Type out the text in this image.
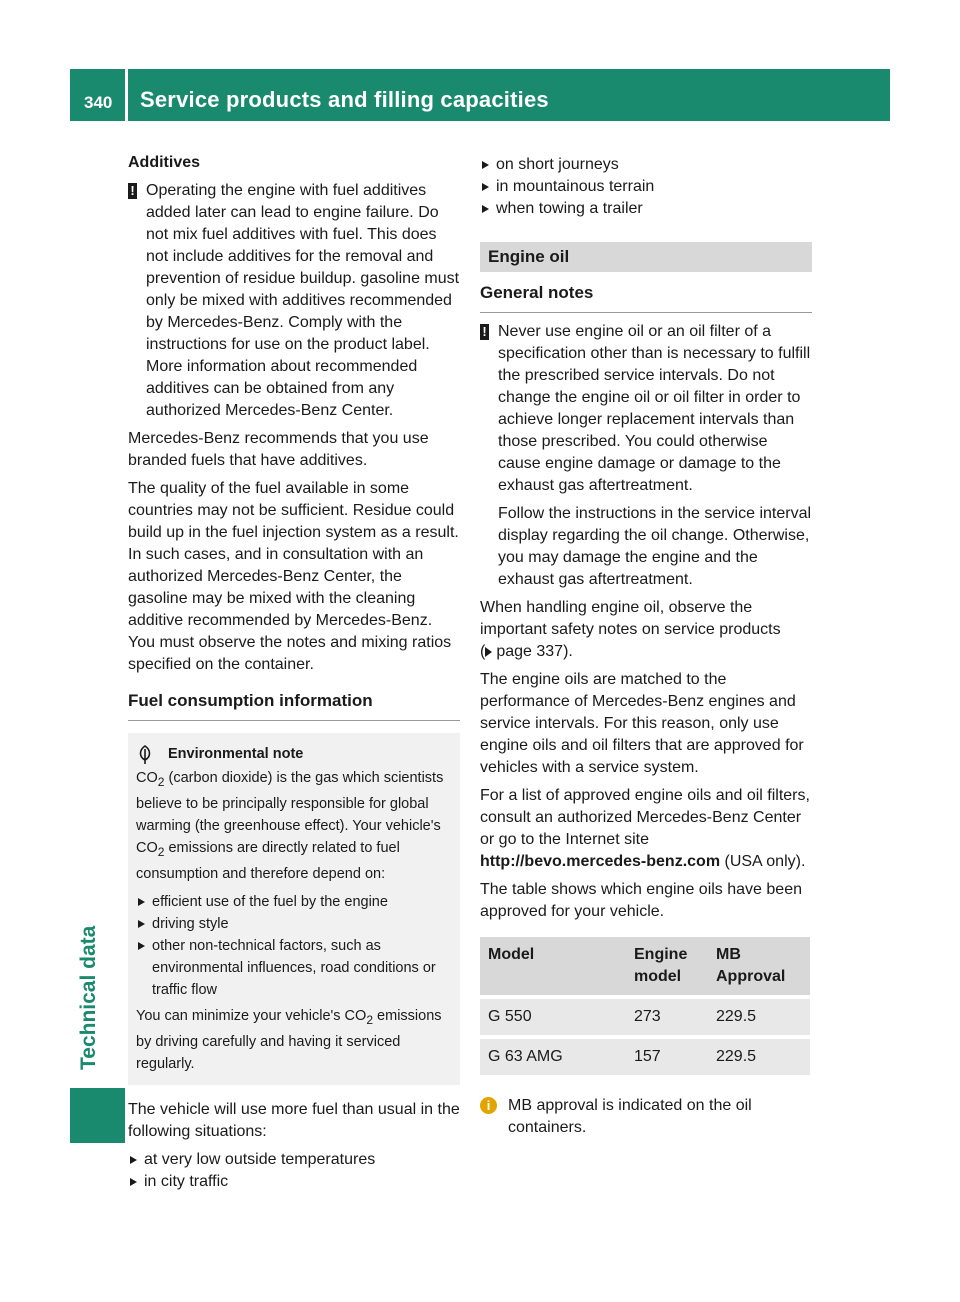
340 Service products and filling capacities
Technical data
Additives
! Operating the engine with fuel additives added later can lead to engine failure. Do not mix fuel additives with fuel. This does not include additives for the removal and prevention of residue buildup. gasoline must only be mixed with additives recommended by Mercedes-Benz. Comply with the instructions for use on the product label. More information about recommended additives can be obtained from any authorized Mercedes-Benz Center.

Mercedes-Benz recommends that you use branded fuels that have additives.

The quality of the fuel available in some countries may not be sufficient. Residue could build up in the fuel injection system as a result. In such cases, and in consultation with an authorized Mercedes-Benz Center, the gasoline may be mixed with the cleaning additive recommended by Mercedes-Benz. You must observe the notes and mixing ratios specified on the container.

Fuel consumption information
Environmental note

$CO_2$ (carbon dioxide) is the gas which scientists believe to be principally responsible for global warming (the greenhouse effect). Your vehicle's $CO_2$ emissions are directly related to fuel consumption and therefore depend on:

efficient use of the fuel by the engine
driving style
other non-technical factors, such as environmental influences, road conditions or traffic flow

You can minimize your vehicle's $CO_2$ emissions by driving carefully and having it serviced regularly.

The vehicle will use more fuel than usual in the following situations:

at very low outside temperatures
in city traffic
on short journeys
in mountainous terrain
when towing a trailer
Engine oil
General notes
! Never use engine oil or an oil filter of a specification other than is necessary to fulfill the prescribed service intervals. Do not change the engine oil or oil filter in order to achieve longer replacement intervals than those prescribed. You could otherwise cause engine damage or damage to the exhaust gas aftertreatment.

Follow the instructions in the service interval display regarding the oil change. Otherwise, you may damage the engine and the exhaust gas aftertreatment.

When handling engine oil, observe the important safety notes on service products
( page 337).

The engine oils are matched to the performance of Mercedes-Benz engines and service intervals. For this reason, only use engine oils and oil filters that are approved for vehicles with a service system.

For a list of approved engine oils and oil filters, consult an authorized Mercedes-Benz Center or go to the Internet site http://bevo.mercedes-benz.com (USA only).

The table shows which engine oils have been approved for your vehicle.

Model	Engine model	MB Approval
G 550	273	229.5
G 63 AMG	157	229.5
i	MB approval is indicated on the oil containers.
